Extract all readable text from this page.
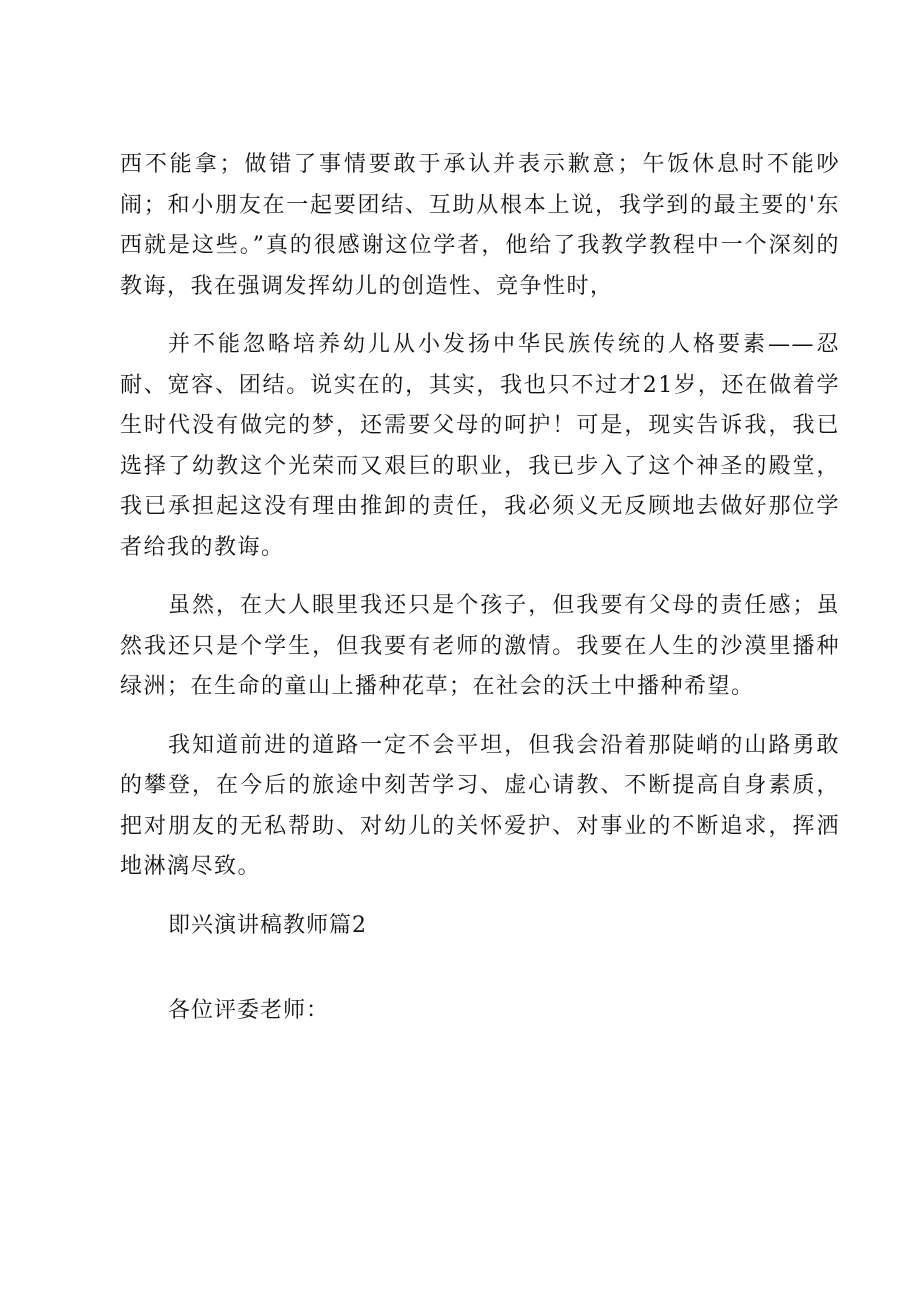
西不能拿；做错了事情要敢于承认并表示歉意；午饭休息时不能吵闹；和小朋友在一起要团结、互助从根本上说，我学到的最主要的'东西就是这些。”真的很感谢这位学者，他给了我教学教程中一个深刻的教诲，我在强调发挥幼儿的创造性、竞争性时，

并不能忽略培养幼儿从小发扬中华民族传统的人格要素——忍耐、宽容、团结。说实在的，其实，我也只不过才21岁，还在做着学生时代没有做完的梦，还需要父母的呵护！可是，现实告诉我，我已选择了幼教这个光荣而又艰巨的职业，我已步入了这个神圣的殿堂，我已承担起这没有理由推卸的责任，我必须义无反顾地去做好那位学者给我的教诲。

虽然，在大人眼里我还只是个孩子，但我要有父母的责任感；虽然我还只是个学生，但我要有老师的激情。我要在人生的沙漠里播种绿洲；在生命的童山上播种花草；在社会的沃土中播种希望。

我知道前进的道路一定不会平坦，但我会沿着那陡峭的山路勇敢的攀登，在今后的旅途中刻苦学习、虚心请教、不断提高自身素质，把对朋友的无私帮助、对幼儿的关怀爱护、对事业的不断追求，挥洒地淋漓尽致。

即兴演讲稿教师篇2

各位评委老师：
